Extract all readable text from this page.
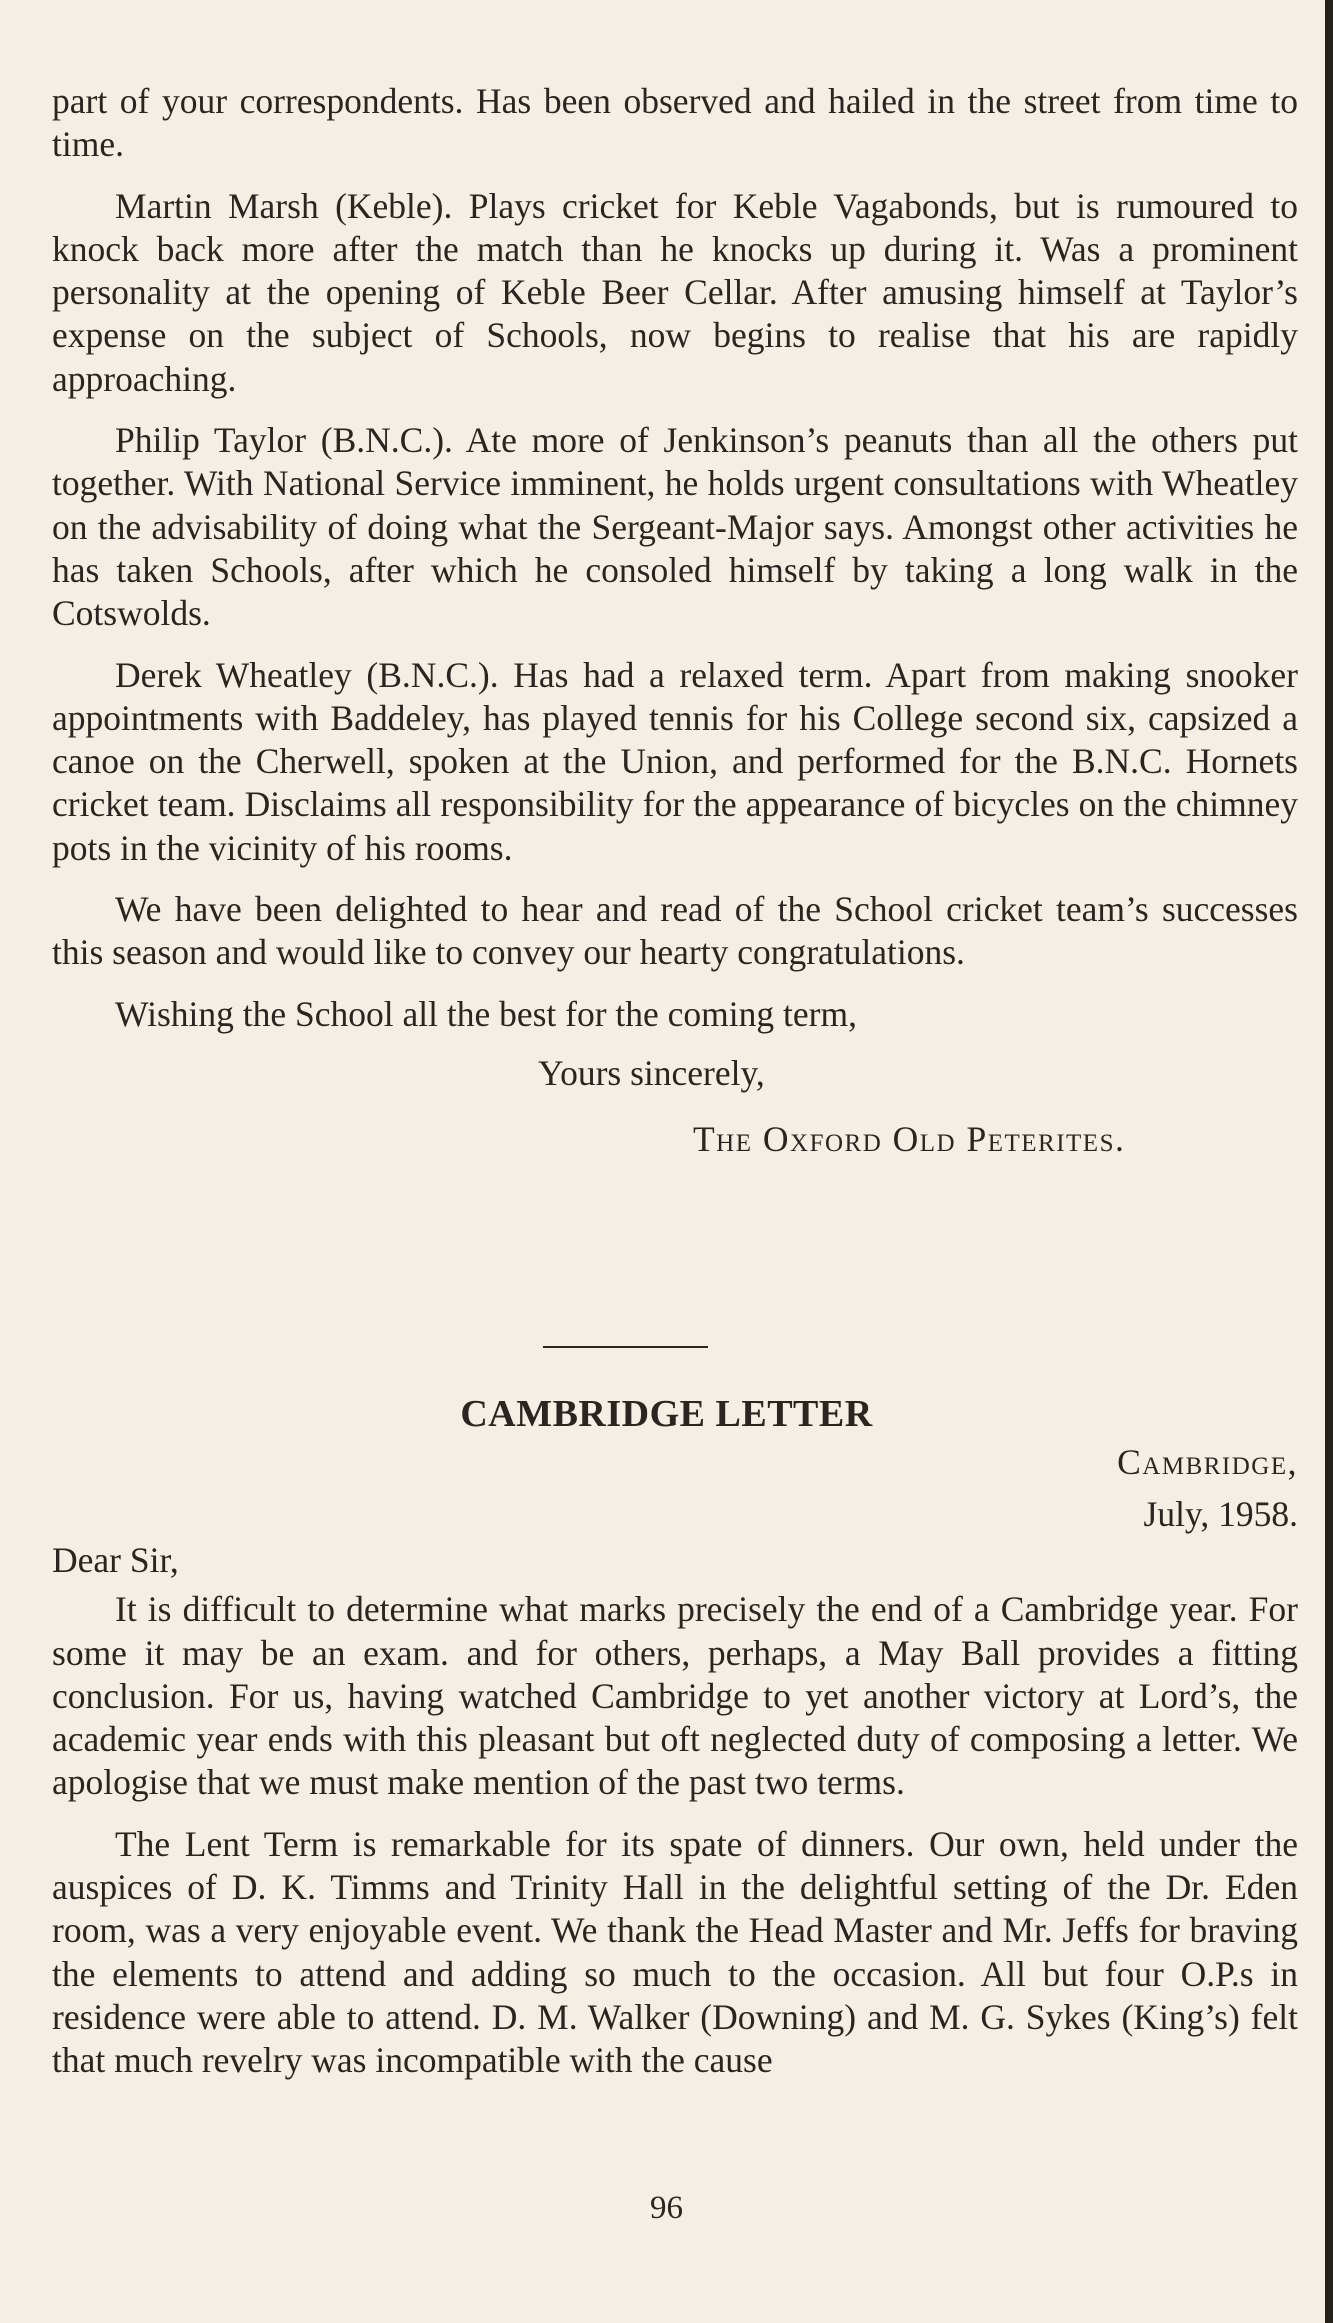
part of your correspondents. Has been observed and hailed in the street from time to time.

Martin Marsh (Keble). Plays cricket for Keble Vagabonds, but is rumoured to knock back more after the match than he knocks up during it. Was a prominent personality at the opening of Keble Beer Cellar. After amusing himself at Taylor’s expense on the subject of Schools, now begins to realise that his are rapidly approaching.

Philip Taylor (B.N.C.). Ate more of Jenkinson’s peanuts than all the others put together. With National Service imminent, he holds urgent consultations with Wheatley on the advisability of doing what the Sergeant-Major says. Amongst other activities he has taken Schools, after which he consoled himself by taking a long walk in the Cotswolds.

Derek Wheatley (B.N.C.). Has had a relaxed term. Apart from making snooker appointments with Baddeley, has played tennis for his College second six, capsized a canoe on the Cherwell, spoken at the Union, and performed for the B.N.C. Hornets cricket team. Disclaims all responsibility for the appearance of bicycles on the chimney pots in the vicinity of his rooms.

We have been delighted to hear and read of the School cricket team’s successes this season and would like to convey our hearty congratulations.

Wishing the School all the best for the coming term,

Yours sincerely,
The Oxford Old Peterites.
CAMBRIDGE LETTER
Cambridge,
July, 1958.

Dear Sir,

It is difficult to determine what marks precisely the end of a Cambridge year. For some it may be an exam. and for others, perhaps, a May Ball provides a fitting conclusion. For us, having watched Cambridge to yet another victory at Lord’s, the academic year ends with this pleasant but oft neglected duty of composing a letter. We apologise that we must make mention of the past two terms.

The Lent Term is remarkable for its spate of dinners. Our own, held under the auspices of D. K. Timms and Trinity Hall in the delightful setting of the Dr. Eden room, was a very enjoyable event. We thank the Head Master and Mr. Jeffs for braving the elements to attend and adding so much to the occasion. All but four O.P.s in residence were able to attend. D. M. Walker (Downing) and M. G. Sykes (King’s) felt that much revelry was incompatible with the cause

96
